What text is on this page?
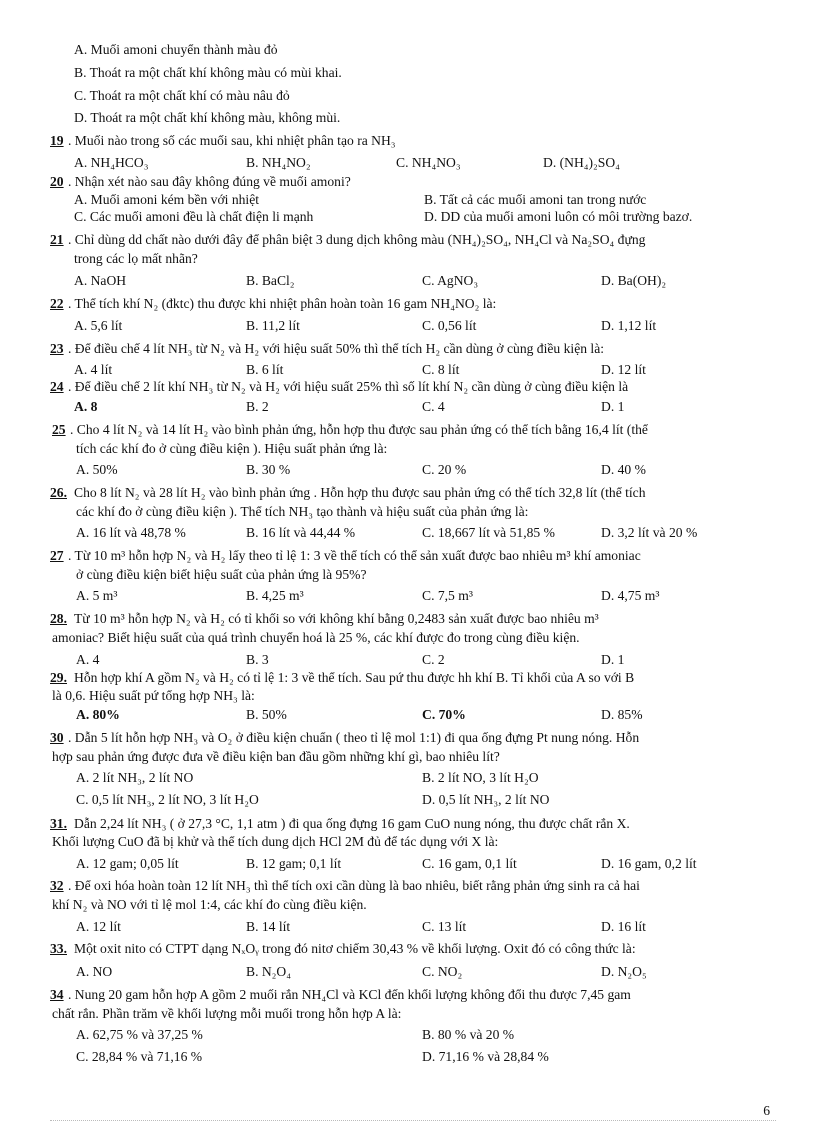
A. Muối amoni chuyển thành màu đỏ
B. Thoát ra một chất khí không màu có mùi khai.
C. Thoát ra một chất khí có màu nâu đỏ
D. Thoát ra một chất khí không màu, không mùi.
19 . Muối nào trong số các muối sau, khi nhiệt phân tạo ra NH₃
A. NH₄HCO₃	B. NH₄NO₂	C. NH₄NO₃	D. (NH₄)₂SO₄
20 . Nhận xét nào sau đây không đúng về muối amoni?
A. Muối amoni kém bền với nhiệt	B. Tất cả các muối amoni tan trong nước
C. Các muối amoni đều là chất điện li mạnh	D. DD của muối amoni luôn có môi trường bazơ.
21 . Chỉ dùng dd chất nào dưới đây để phân biệt 3 dung dịch không màu (NH₄)₂SO₄, NH₄Cl và Na₂SO₄ đựng
trong các lọ mất nhãn?
A. NaOH	B. BaCl₂	C. AgNO₃	D. Ba(OH)₂
22 . Thể tích khí N₂ (đktc) thu được khi nhiệt phân hoàn toàn 16 gam NH₄NO₂ là:
A. 5,6 lít	B. 11,2 lít	C. 0,56 lít	D. 1,12 lít
23 . Để điều chế 4 lít NH₃ từ N₂ và H₂ với hiệu suất 50% thì thể tích H₂ cần dùng ở cùng điều kiện là:
A. 4 lít	B. 6 lít	C. 8 lít	D. 12 lít
24 . Để điều chế 2 lít khí NH₃ từ N₂ và H₂ với hiệu suất 25% thì số lít khí N₂ cần dùng ở cùng điều kiện là
A. 8	B. 2	C. 4	D. 1
25 . Cho 4 lít N₂ và 14 lít H₂ vào bình phản ứng, hỗn hợp thu được sau phản ứng có thể tích bằng 16,4 lít (thể
tích các khí đo ở cùng điều kiện ). Hiệu suất phản ứng là:
A. 50%	B. 30 %	C. 20 %	D. 40 %
26. Cho 8 lít N₂ và 28 lít H₂ vào bình phản ứng . Hỗn hợp thu được sau phản ứng có thể tích 32,8 lít (thể tích
các khí đo ở cùng điều kiện ). Thể tích NH₃ tạo thành và hiệu suất của phản ứng là:
A. 16 lít và 48,78 %	B. 16 lít và 44,44 %	C. 18,667 lít và 51,85 %	D. 3,2 lít và 20 %
27 . Từ 10 m³ hỗn hợp N₂ và H₂ lấy theo tỉ lệ 1: 3 về thể tích có thể sản xuất được bao nhiêu m³ khí amoniac
ở cùng điều kiện biết hiệu suất của phản ứng là 95%?
A. 5 m³	B. 4,25 m³	C. 7,5 m³	D. 4,75 m³
28. Từ 10 m³ hỗn hợp N₂ và H₂ có tỉ khối so với không khí bằng 0,2483 sản xuất được bao nhiêu m³
amoniac? Biết hiệu suất của quá trình chuyển hoá là 25 %, các khí được đo trong cùng điều kiện.
A. 4	B. 3	C. 2	D. 1
29. Hỗn hợp khí A gồm N₂ và H₂ có tỉ lệ 1: 3 về thể tích. Sau pứ thu được hh khí B. Tỉ khối của A so với B
là 0,6. Hiệu suất pứ tổng hợp NH₃ là:
A. 80%	B. 50%	C. 70%	D. 85%
30 . Dẫn 5 lít hỗn hợp NH₃ và O₂ ở điều kiện chuẩn ( theo tỉ lệ mol 1:1) đi qua ống đựng Pt nung nóng. Hỗn
hợp sau phản ứng được đưa về điều kiện ban đầu gồm những khí gì, bao nhiêu lít?
A. 2 lít NH₃, 2 lít NO	B. 2 lít NO, 3 lít H₂O
C. 0,5 lít NH₃, 2 lít NO, 3 lít H₂O	D. 0,5 lít NH₃, 2 lít NO
31. Dẫn 2,24 lít NH₃ ( ở 27,3 °C, 1,1 atm ) đi qua ống đựng 16 gam CuO nung nóng, thu được chất rắn X.
Khối lượng CuO đã bị khử và thể tích dung dịch HCl 2M đủ để tác dụng với X là:
A. 12 gam; 0,05 lít	B. 12 gam; 0,1 lít	C. 16 gam, 0,1 lít	D. 16 gam, 0,2 lít
32 . Để oxi hóa hoàn toàn 12 lít NH₃ thì thể tích oxi cần dùng là bao nhiêu, biết rằng phản ứng sinh ra cả hai
khí N₂ và NO với tỉ lệ mol 1:4, các khí đo cùng điều kiện.
A. 12 lít	B. 14 lít	C. 13 lít	D. 16 lít
33. Một oxit nito có CTPT dạng NₓOᵧ trong đó nitơ chiếm 30,43 % về khối lượng. Oxit đó có công thức là:
A. NO	B. N₂O₄	C. NO₂	D. N₂O₅
34 . Nung 20 gam hỗn hợp A gồm 2 muối rắn NH₄Cl và KCl đến khối lượng không đổi thu được 7,45 gam
chất rắn. Phần trăm về khối lượng mỗi muối trong hỗn hợp A là:
A. 62,75 % và 37,25 %	B. 80 % và 20 %
C. 28,84 % và 71,16 %	D. 71,16 % và 28,84 %
6
